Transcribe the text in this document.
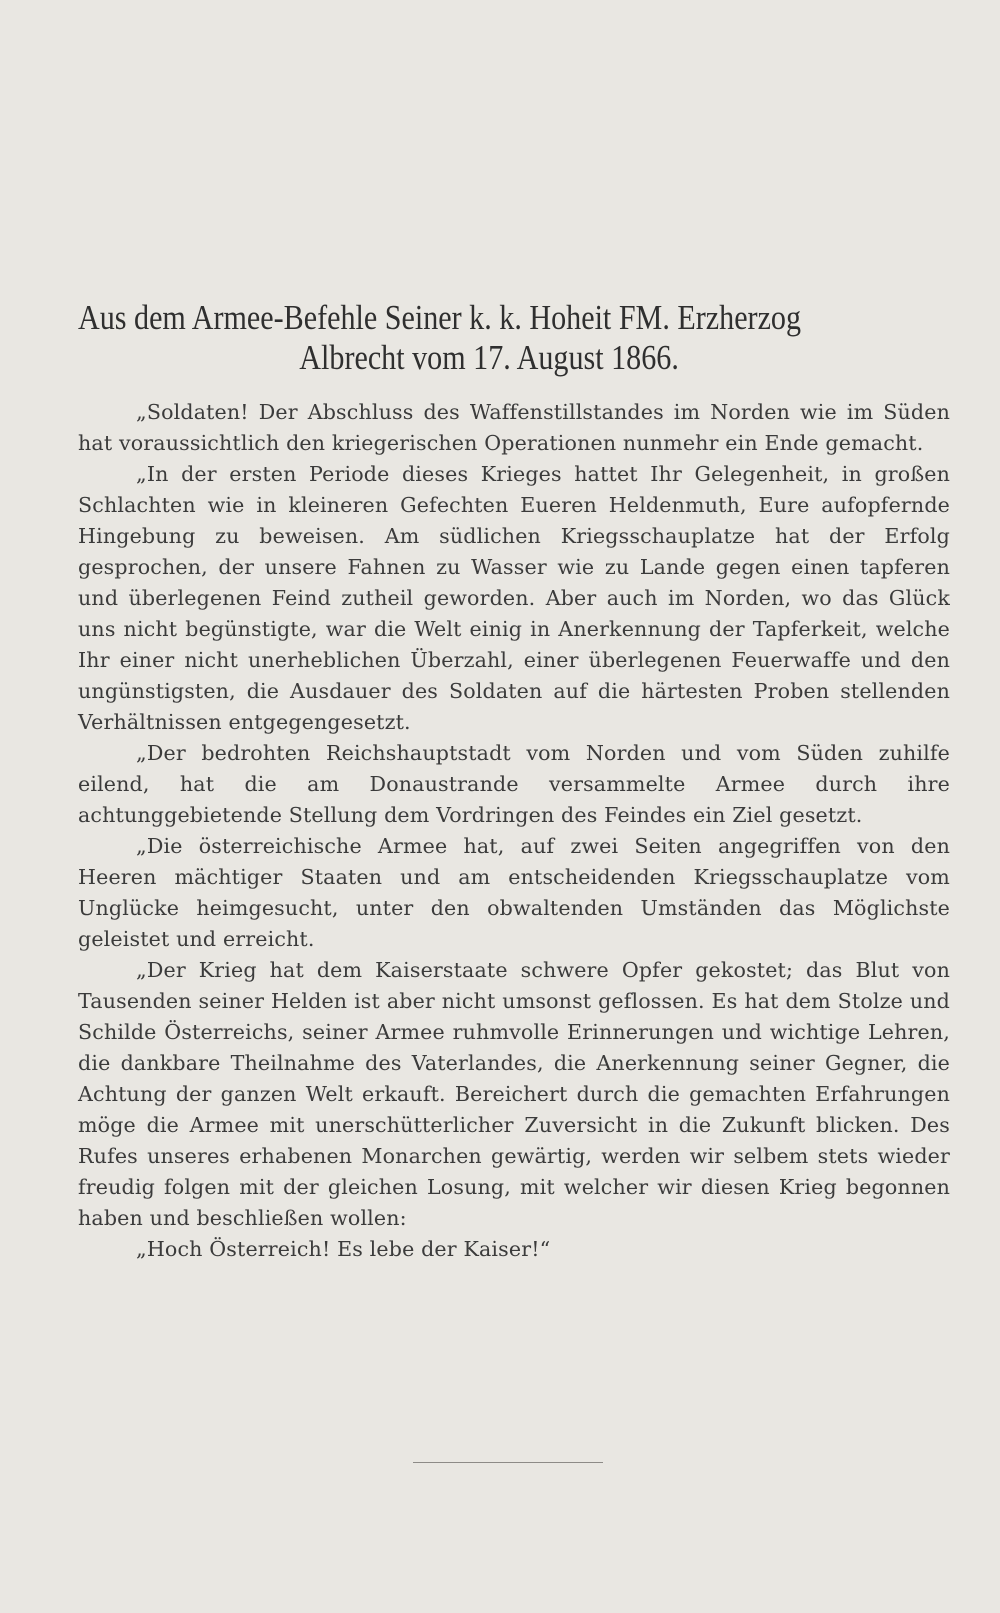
Aus dem Armee-Befehle Seiner k. k. Hoheit FM. Erzherzog
Albrecht vom 17. August 1866.

„Soldaten! Der Abschluss des Waffenstillstandes im Norden wie im Süden hat voraussichtlich den kriegerischen Operationen nunmehr ein Ende gemacht.

„In der ersten Periode dieses Krieges hattet Ihr Gelegenheit, in großen Schlachten wie in kleineren Gefechten Eueren Heldenmuth, Eure aufopfernde Hingebung zu beweisen. Am südlichen Kriegsschauplatze hat der Erfolg gesprochen, der unsere Fahnen zu Wasser wie zu Lande gegen einen tapferen und überlegenen Feind zutheil geworden. Aber auch im Norden, wo das Glück uns nicht begünstigte, war die Welt einig in Anerkennung der Tapferkeit, welche Ihr einer nicht unerheblichen Überzahl, einer überlegenen Feuerwaffe und den ungünstigsten, die Ausdauer des Soldaten auf die härtesten Proben stellenden Verhältnissen entgegengesetzt.

„Der bedrohten Reichshauptstadt vom Norden und vom Süden zuhilfe eilend, hat die am Donaustrande versammelte Armee durch ihre achtunggebietende Stellung dem Vordringen des Feindes ein Ziel gesetzt.

„Die österreichische Armee hat, auf zwei Seiten angegriffen von den Heeren mächtiger Staaten und am entscheidenden Kriegsschauplatze vom Unglücke heimgesucht, unter den obwaltenden Umständen das Möglichste geleistet und erreicht.

„Der Krieg hat dem Kaiserstaate schwere Opfer gekostet; das Blut von Tausenden seiner Helden ist aber nicht umsonst geflossen. Es hat dem Stolze und Schilde Österreichs, seiner Armee ruhmvolle Erinnerungen und wichtige Lehren, die dankbare Theilnahme des Vaterlandes, die Anerkennung seiner Gegner, die Achtung der ganzen Welt erkauft. Bereichert durch die gemachten Erfahrungen möge die Armee mit unerschütterlicher Zuversicht in die Zukunft blicken. Des Rufes unseres erhabenen Monarchen gewärtig, werden wir selbem stets wieder freudig folgen mit der gleichen Losung, mit welcher wir diesen Krieg begonnen haben und beschließen wollen:

„Hoch Österreich! Es lebe der Kaiser!“
